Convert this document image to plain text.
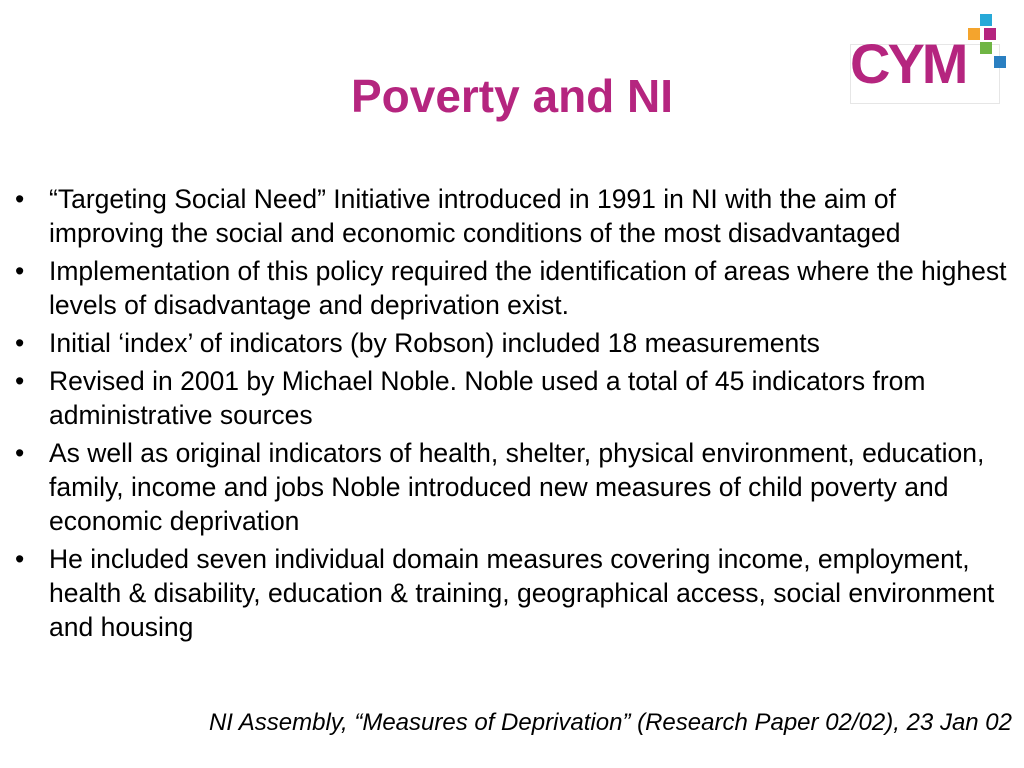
Poverty and NI
CYM
• “Targeting Social Need” Initiative introduced in 1991 in NI with the aim of improving the social and economic conditions of the most disadvantaged
• Implementation of this policy required the identification of areas where the highest levels of disadvantage and deprivation exist.
• Initial ‘index’ of indicators (by Robson) included 18 measurements
• Revised in 2001 by Michael Noble. Noble used a total of 45 indicators from administrative sources
• As well as original indicators of health, shelter, physical environment, education, family, income and jobs Noble introduced new measures of child poverty and economic deprivation
• He included seven individual domain measures covering income, employment, health & disability, education & training, geographical access, social environment and housing
NI Assembly, “Measures of Deprivation” (Research Paper 02/02), 23 Jan 02
